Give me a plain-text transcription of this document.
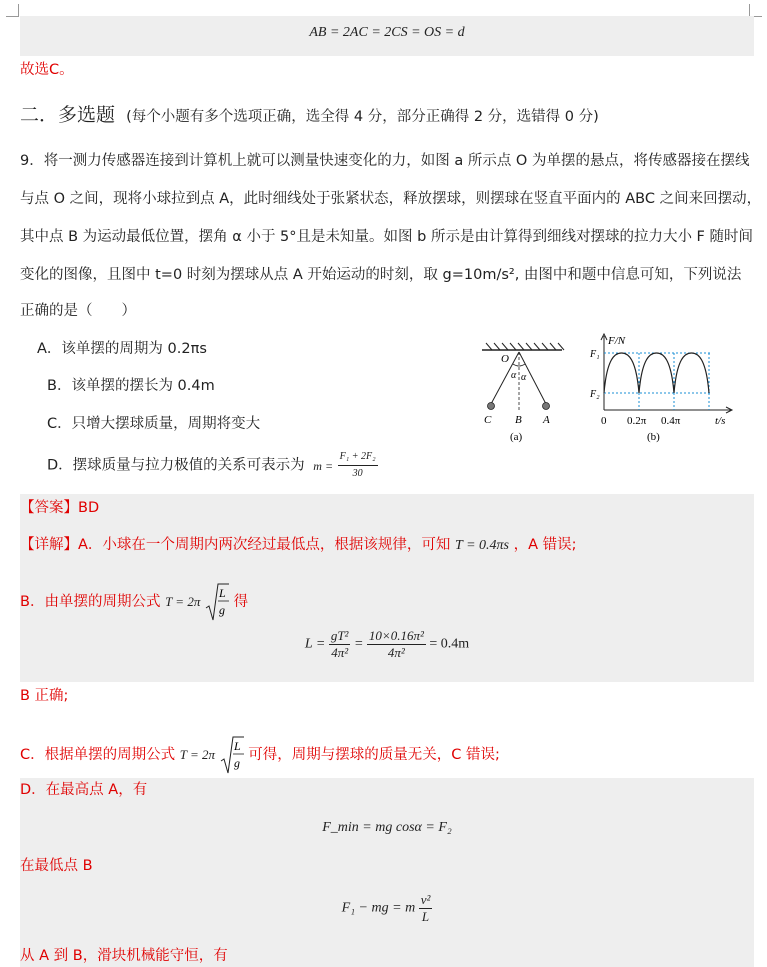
AB = 2AC = 2CS = OS = d
故选C。
二．多选题 (每个小题有多个选项正确，选全得 4 分，部分正确得 2 分，选错得 0 分)
9．将一测力传感器连接到计算机上就可以测量快速变化的力，如图 a 所示点 O 为单摆的悬点，将传感器接在摆线
与点 O 之间，现将小球拉到点 A，此时细线处于张紧状态，释放摆球，则摆球在竖直平面内的 ABC 之间来回摆动，
其中点 B 为运动最低位置，摆角 α 小于 5°且是未知量。如图 b 所示是由计算得到细线对摆球的拉力大小 F 随时间
变化的图像，且图中 t=0 时刻为摆球从点 A 开始运动的时刻，取 g=10m/s², 由图中和题中信息可知，下列说法
正确的是（　　）
A．该单摆的周期为 0.2πs
B．该单摆的摆长为 0.4m
C．只增大摆球质量，周期将变大
D．摆球质量与拉力极值的关系可表示为 $m = \frac{\text{F₁ + 2F₂}}{30}$
O
α α
C B A
(a)
F/N
F₁
F₂
0 0.2π 0.4π	t/s
(b)
【答案】BD
【详解】A．小球在一个周期内两次经过最低点，根据该规律，可知 T = 0.4πs ，A 错误;
B．由单摆的周期公式 T = 2π
L
g 得
$L = \frac{\text{gT²}}{\text{4π²}} = \frac{\text{10×0.16π²}}{\text{4π²}} = 0.4m$
B 正确;
C．根据单摆的周期公式 T = 2π
L
g 可得，周期与摆球的质量无关，C 错误;
D．在最高点 A，有
F_min = mg cosα = F₂
在最低点 B
F₁ − mg = m $\frac{\text{v²}}{L}$
从 A 到 B，滑块机械能守恒，有
